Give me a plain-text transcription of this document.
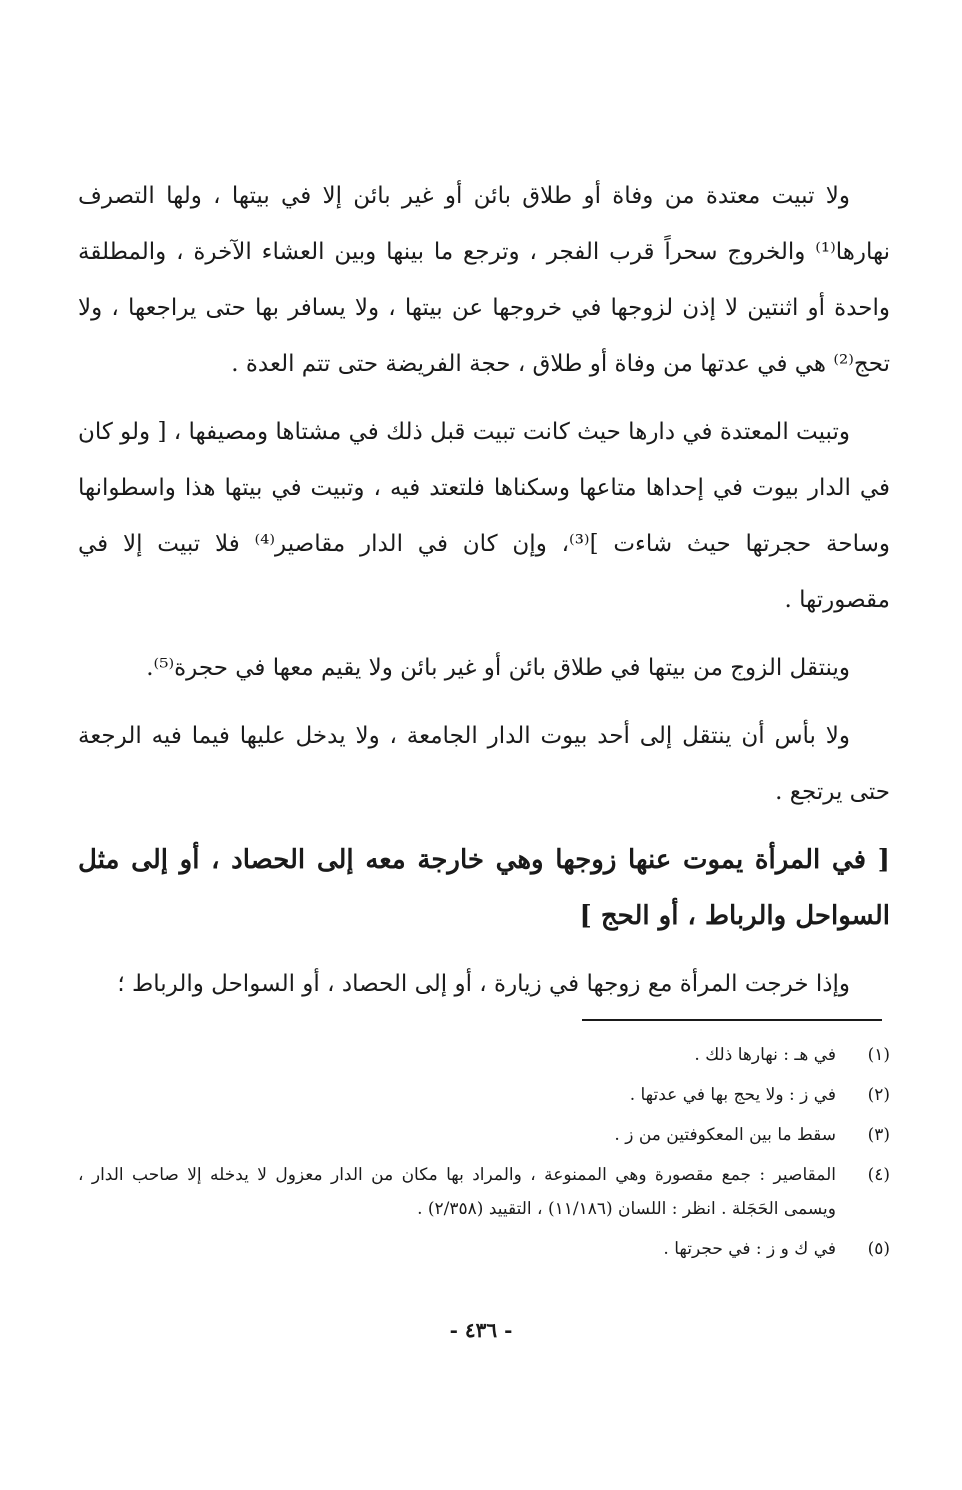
ولا تبيت معتدة من وفاة أو طلاق بائن أو غير بائن إلا في بيتها ، ولها التصرف نهارها⁽¹⁾ والخروج سحراً قرب الفجر ، وترجع ما بينها وبين العشاء الآخرة ، والمطلقة واحدة أو اثنتين لا إذن لزوجها في خروجها عن بيتها ، ولا يسافر بها حتى يراجعها ، ولا تحج⁽²⁾ هي في عدتها من وفاة أو طلاق ، حجة الفريضة حتى تتم العدة .

وتبيت المعتدة في دارها حيث كانت تبيت قبل ذلك في مشتاها ومصيفها ، [ ولو كان في الدار بيوت في إحداها متاعها وسكناها فلتعتد فيه ، وتبيت في بيتها هذا واسطوانها وساحة حجرتها حيث شاءت ]⁽³⁾، وإن كان في الدار مقاصير⁽⁴⁾ فلا تبيت إلا في مقصورتها .

وينتقل الزوج من بيتها في طلاق بائن أو غير بائن ولا يقيم معها في حجرة⁽⁵⁾.

ولا بأس أن ينتقل إلى أحد بيوت الدار الجامعة ، ولا يدخل عليها فيما فيه الرجعة حتى يرتجع .

[ في المرأة يموت عنها زوجها وهي خارجة معه إلى الحصاد ، أو إلى مثل السواحل والرباط ، أو الحج ]

وإذا خرجت المرأة مع زوجها في زيارة ، أو إلى الحصاد ، أو السواحل والرباط ؛

(١)
في هـ : نهارها ذلك .
(٢)
في ز : ولا يحج بها في عدتها .
(٣)
سقط ما بين المعكوفتين من ز .
(٤)
المقاصير : جمع مقصورة وهي الممنوعة ، والمراد بها مكان من الدار معزول لا يدخله إلا صاحب الدار ، ويسمى الحَجَلة . انظر : اللسان (١١/١٨٦) ، التقييد (٢/٣٥٨) .
(٥)
في ك و ز : في حجرتها .
- ٤٣٦ -
